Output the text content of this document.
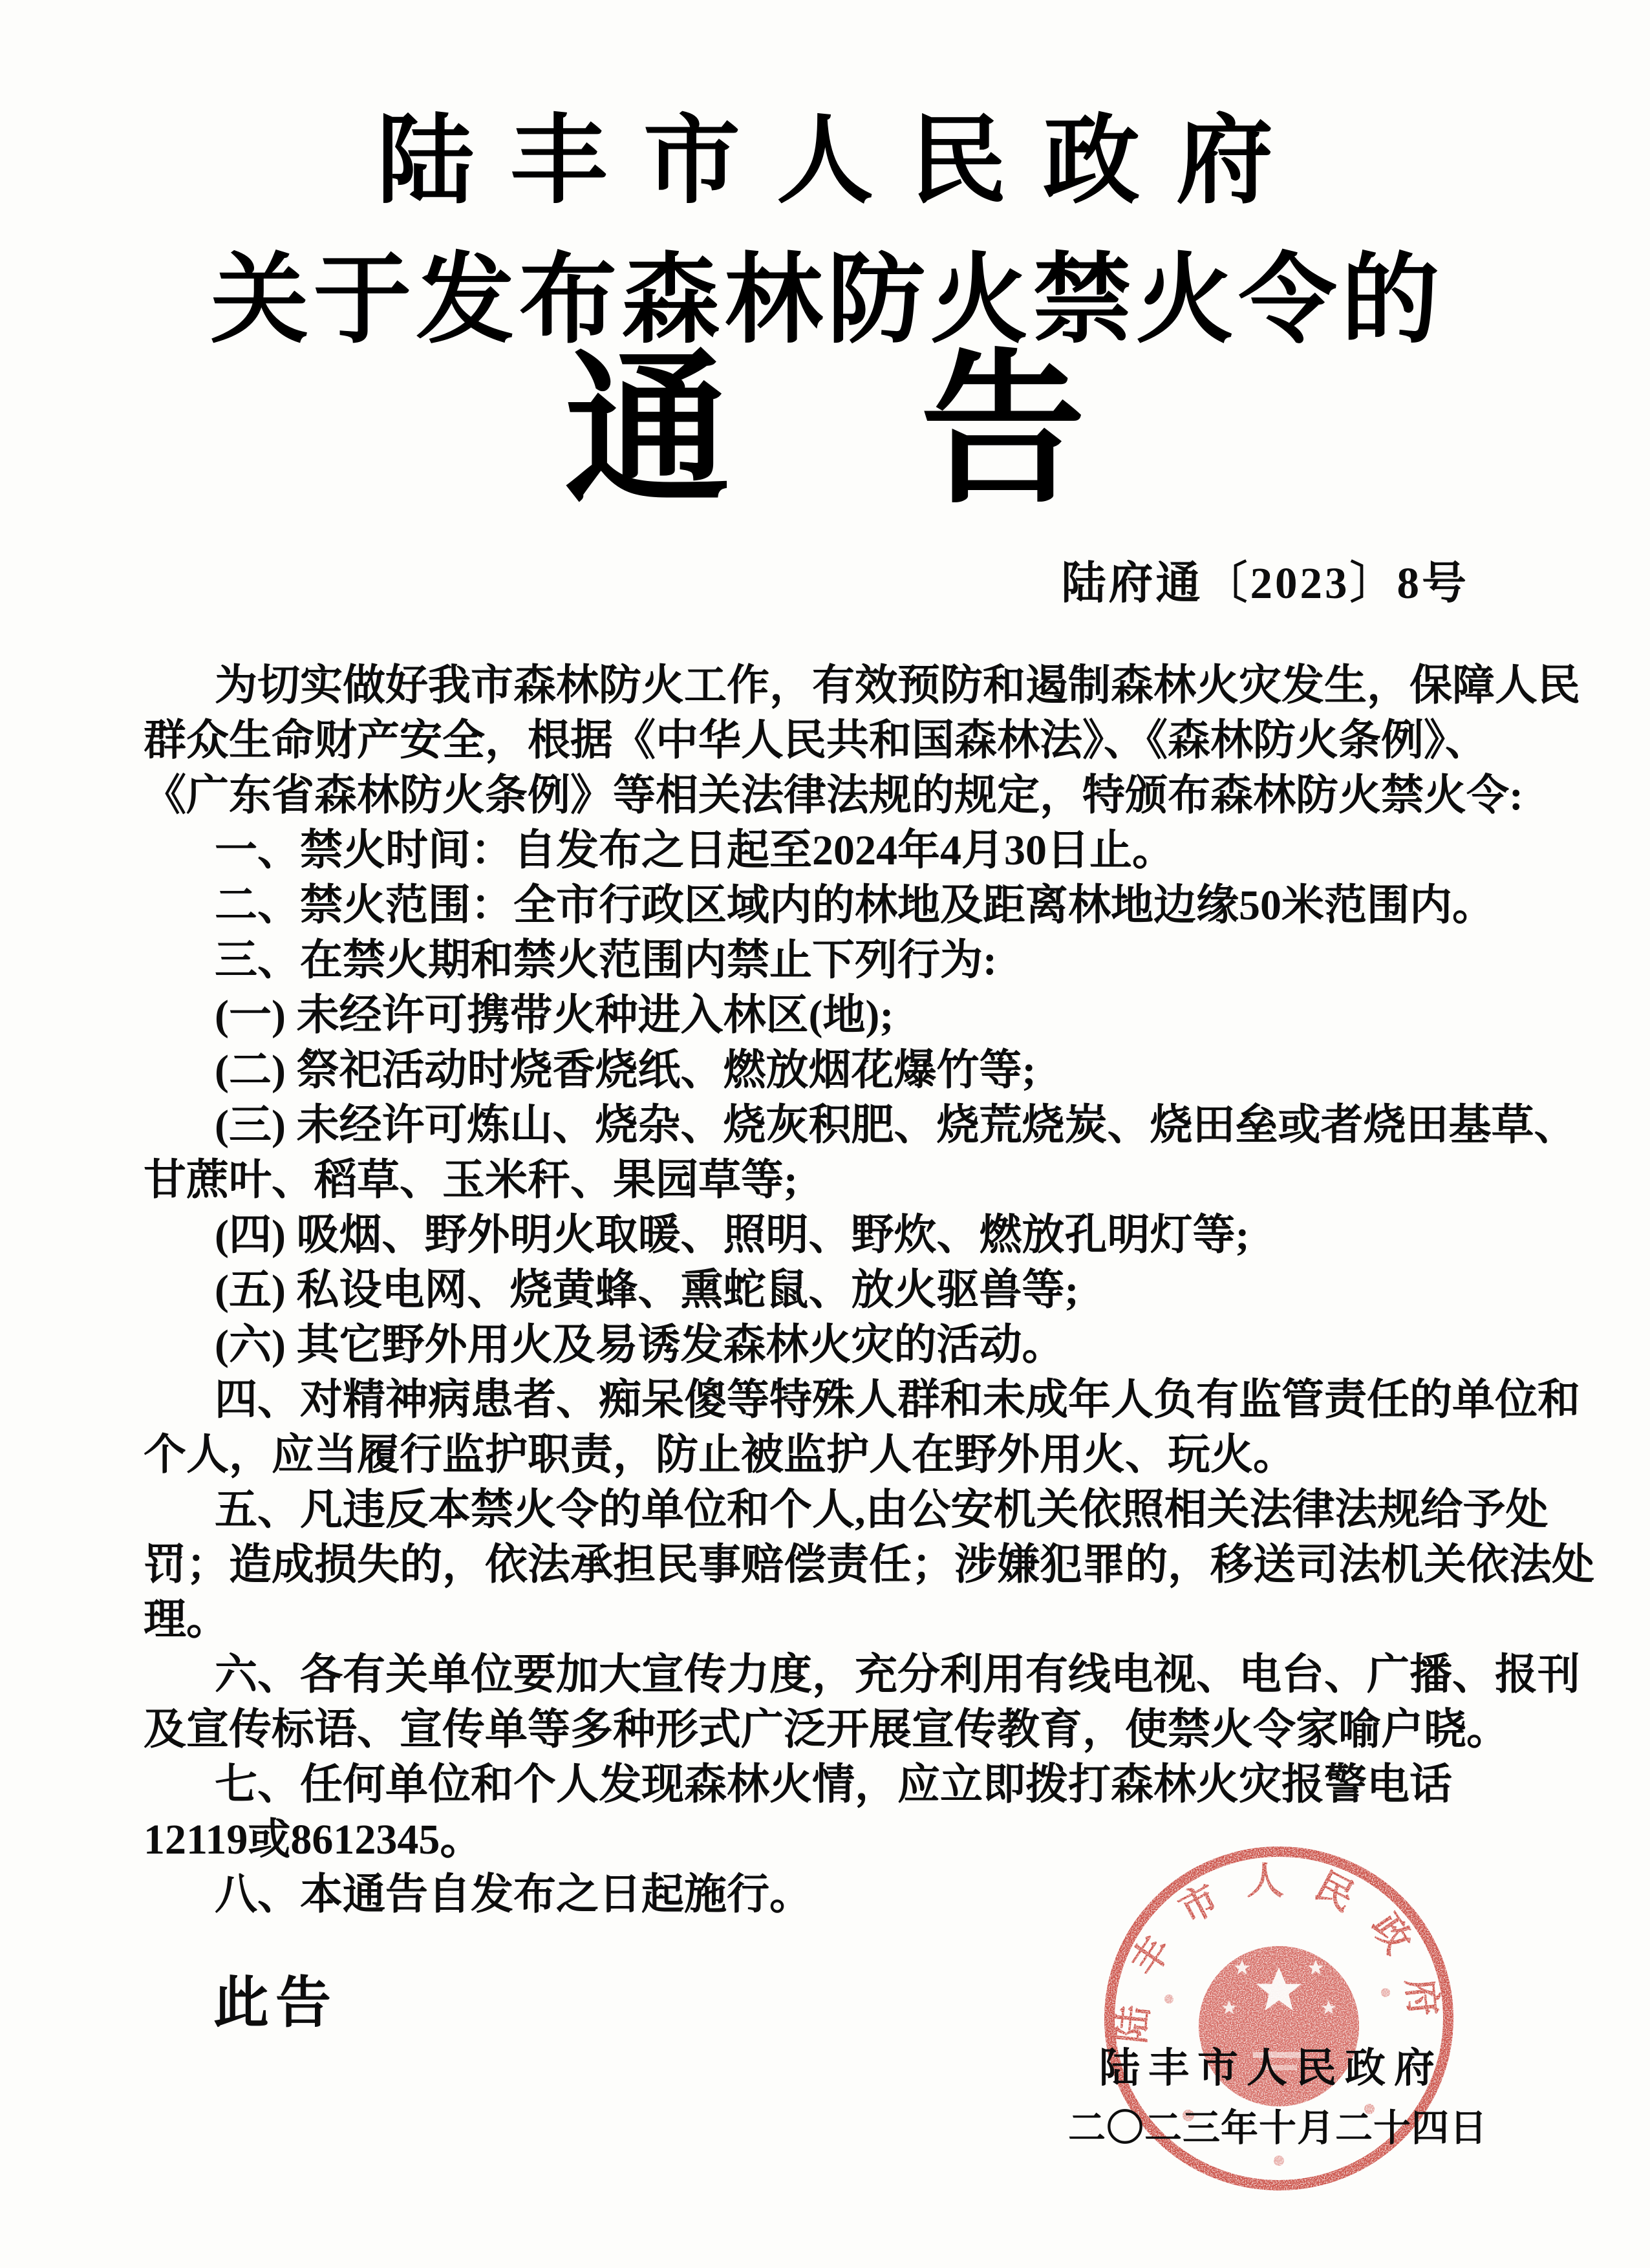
陆丰市人民政府
关于发布森林防火禁火令的
通 告
陆府通〔2023〕8号

为切实做好我市森林防火工作，有效预防和遏制森林火灾发生，保障人民

群众生命财产安全，根据《中华人民共和国森林法》、《森林防火条例》、

《广东省森林防火条例》等相关法律法规的规定，特颁布森林防火禁火令:

一、禁火时间：自发布之日起至2024年4月30日止。

二、禁火范围：全市行政区域内的林地及距离林地边缘50米范围内。

三、在禁火期和禁火范围内禁止下列行为:

(一) 未经许可携带火种进入林区(地);

(二) 祭祀活动时烧香烧纸、燃放烟花爆竹等;

(三) 未经许可炼山、烧杂、烧灰积肥、烧荒烧炭、烧田垒或者烧田基草、

甘蔗叶、稻草、玉米秆、果园草等;

(四) 吸烟、野外明火取暖、照明、野炊、燃放孔明灯等;

(五) 私设电网、烧黄蜂、熏蛇鼠、放火驱兽等;

(六) 其它野外用火及易诱发森林火灾的活动。

四、对精神病患者、痴呆傻等特殊人群和未成年人负有监管责任的单位和

个人，应当履行监护职责，防止被监护人在野外用火、玩火。

五、凡违反本禁火令的单位和个人,由公安机关依照相关法律法规给予处

罚；造成损失的，依法承担民事赔偿责任；涉嫌犯罪的，移送司法机关依法处

理。

六、各有关单位要加大宣传力度，充分利用有线电视、电台、广播、报刊

及宣传标语、宣传单等多种形式广泛开展宣传教育，使禁火令家喻户晓。

七、任何单位和个人发现森林火情，应立即拨打森林火灾报警电话

12119或8612345。

八、本通告自发布之日起施行。

此告	陆丰市人民政府
陆丰市人民政府
二〇二三年十月二十四日
